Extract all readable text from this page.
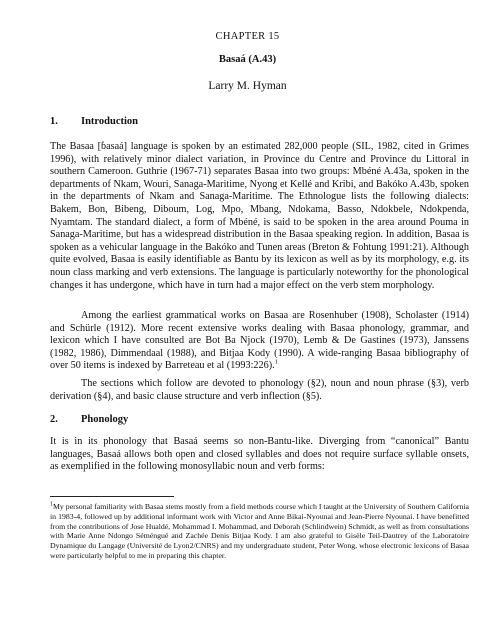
CHAPTER 15
Basaá (A.43)
Larry M. Hyman
1. Introduction

The Basaa [ɓasaá] language is spoken by an estimated 282,000 people (SIL, 1982, cited in Grimes 1996), with relatively minor dialect variation, in Province du Centre and Province du Littoral in southern Cameroon. Guthrie (1967-71) separates Basaa into two groups: Mbéné A.43a, spoken in the departments of Nkam, Wouri, Sanaga-Maritime, Nyong et Kellé and Kribi, and Bakóko A.43b, spoken in the departments of Nkam and Sanaga-Maritime. The Ethnologue lists the following dialects: Bakem, Bon, Bibeng, Diboum, Log, Mpo, Mbang, Ndokama, Basso, Ndokbele, Ndokpenda, Nyamtam. The standard dialect, a form of Mbéné, is said to be spoken in the area around Pouma in Sanaga-Maritime, but has a widespread distribution in the Basaa speaking region. In addition, Basaa is spoken as a vehicular language in the Bakóko and Tunen areas (Breton & Fohtung 1991:21). Although quite evolved, Basaa is easily identifiable as Bantu by its lexicon as well as by its morphology, e.g. its noun class marking and verb extensions. The language is particularly noteworthy for the phonological changes it has undergone, which have in turn had a major effect on the verb stem morphology.

Among the earliest grammatical works on Basaa are Rosenhuber (1908), Scholaster (1914) and Schürle (1912). More recent extensive works dealing with Basaa phonology, grammar, and lexicon which I have consulted are Bot Ba Njock (1970), Lemb & De Gastines (1973), Janssens (1982, 1986), Dimmendaal (1988), and Bitjaa Kody (1990). A wide-ranging Basaa bibliography of over 50 items is indexed by Barreteau et al (1993:226).$^1$

The sections which follow are devoted to phonology (§2), noun and noun phrase (§3), verb derivation (§4), and basic clause structure and verb inflection (§5).

2. Phonology

It is in its phonology that Basaá seems so non-Bantu-like. Diverging from “canonical” Bantu languages, Basaá allows both open and closed syllables and does not require surface syllable onsets, as exemplified in the following monosyllabic noun and verb forms:

$^1$My personal familiarity with Basaa stems mostly from a field methods course which I taught at the University of Southern California in 1983-4, followed up by additional informant work with Victor and Anne Bikai-Nyounai and Jean-Pierre Nyounai. I have benefitted from the contributions of Jose Hualdé, Mohammad I. Mohammad, and Deborah (Schlindwein) Schmidt, as well as from consultations with Marie Anne Ndongo Séméngué and Zachée Denis Bitjaa Kody. I am also grateful to Gisèle Teil-Dautrey of the Laboratoire Dynamique du Langage (Université de Lyon2/CNRS) and my undergraduate student, Peter Wong, whose electronic lexicons of Basaa were particularly helpful to me in preparing this chapter.
